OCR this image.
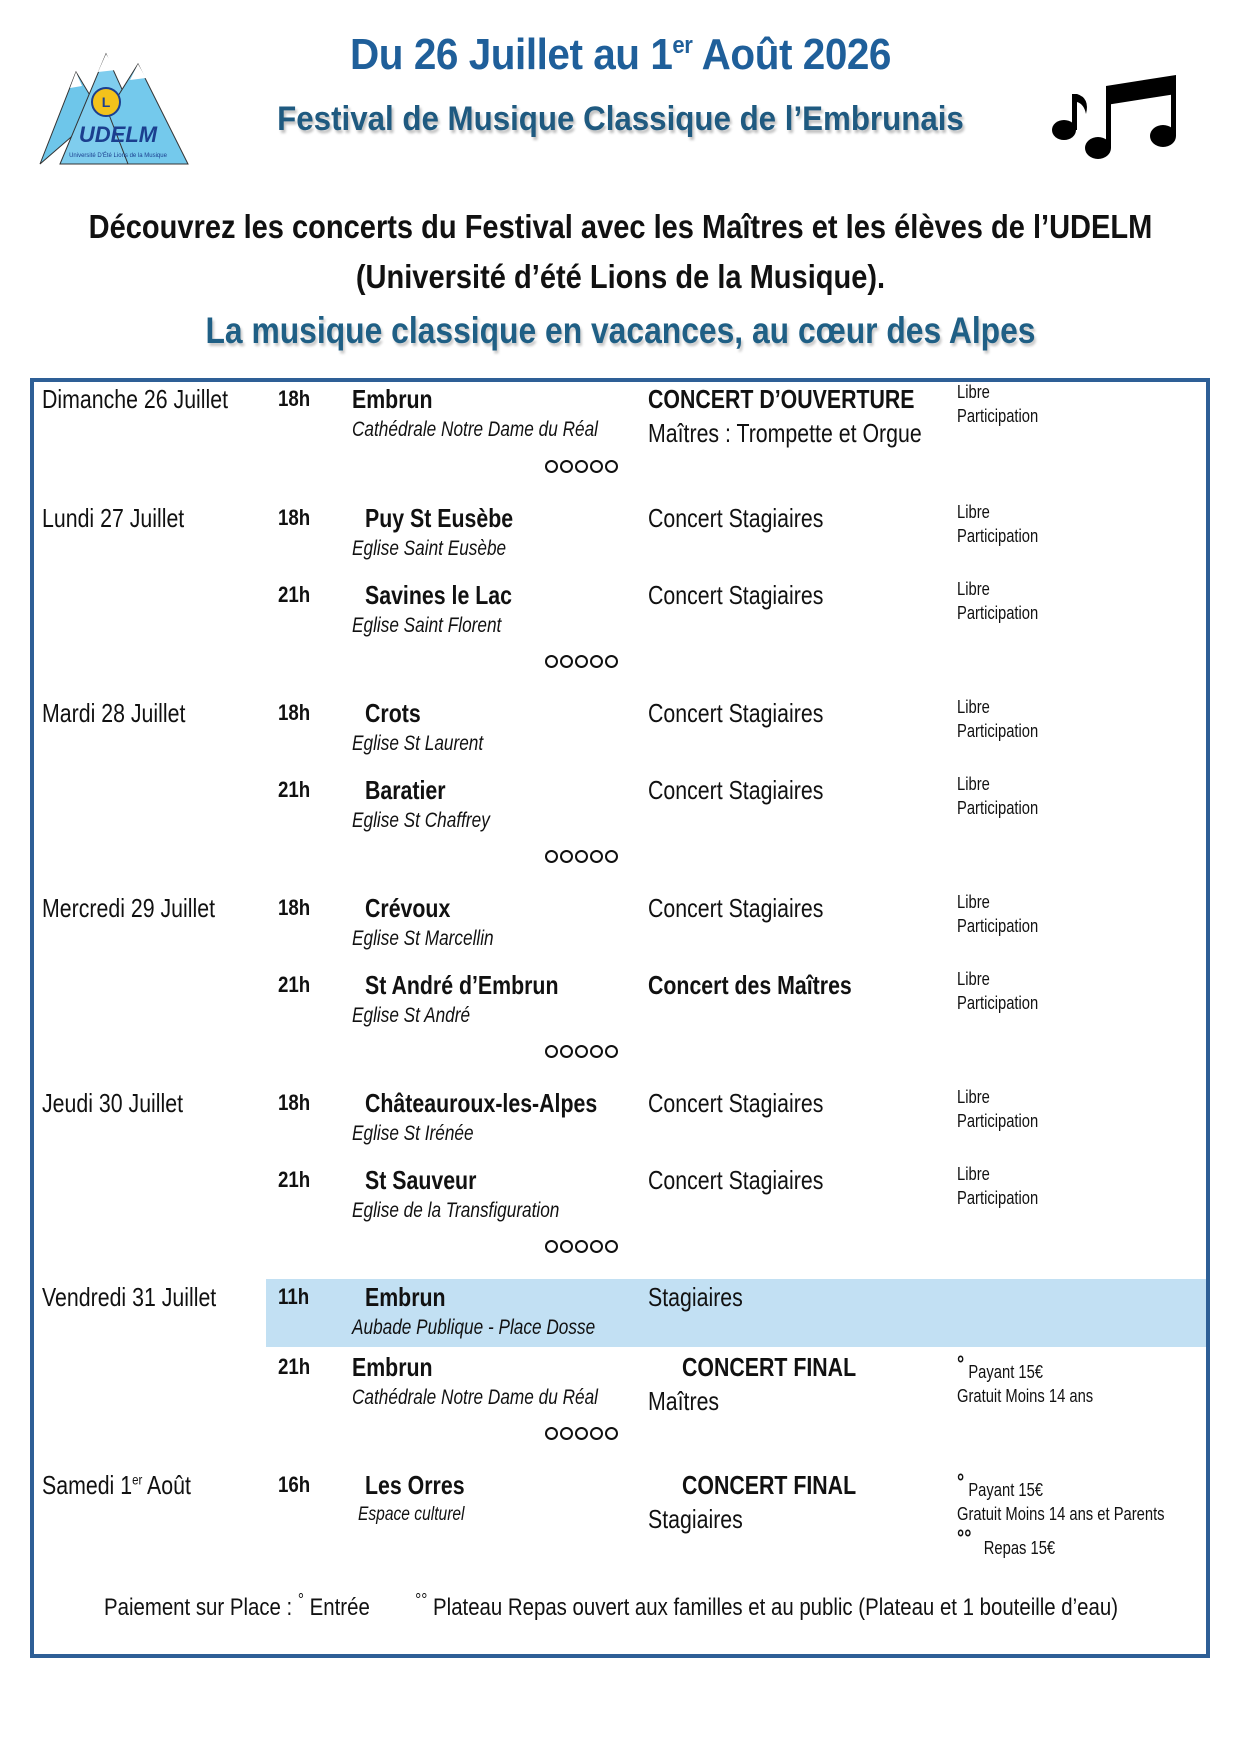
L
UDELM
Université D'Été Lions de la Musique
Du 26 Juillet au 1er Août 2026
Festival de Musique Classique de l’Embrunais
Découvrez les concerts du Festival avec les Maîtres et les élèves de l’UDELM
(Université d’été Lions de la Musique).
La musique classique en vacances, au cœur des Alpes
Dimanche 26 Juillet 18h Embrun
Cathédrale Notre Dame du Réal
CONCERT D’OUVERTURE
Maîtres : Trompette et Orgue
Libre
Participation
Lundi 27 Juillet	18h Puy St Eusèbe
Eglise Saint Eusèbe
Concert Stagiaires	Libre
Participation
21h Savines le Lac
Eglise Saint Florent
Concert Stagiaires	Libre
Participation
Mardi 28 Juillet	18h Crots
Eglise St Laurent
Concert Stagiaires	Libre
Participation
21h Baratier
Eglise St Chaffrey
Concert Stagiaires	Libre
Participation
Mercredi 29 Juillet	18h Crévoux
Eglise St Marcellin
Concert Stagiaires	Libre
Participation
21h St André d’Embrun
Eglise St André
Concert des Maîtres	Libre
Participation
Jeudi 30 Juillet	18h Châteauroux-les-Alpes
Eglise St Irénée
Concert Stagiaires	Libre
Participation
21h St Sauveur
Eglise de la Transfiguration
Concert Stagiaires	Libre
Participation
Vendredi 31 Juillet	11h Embrun
Aubade Publique - Place Dosse
Stagiaires
21h Embrun
Cathédrale Notre Dame du Réal
CONCERT FINAL
Maîtres
° Payant 15€
Gratuit Moins 14 ans
Samedi 1er Août	16h Les Orres
Espace culturel
CONCERT FINAL
Stagiaires
° Payant 15€
Gratuit Moins 14 ans et Parents
°° Repas 15€
Paiement sur Place : ° Entrée	°° Plateau Repas ouvert aux familles et au public (Plateau et 1 bouteille d’eau)
